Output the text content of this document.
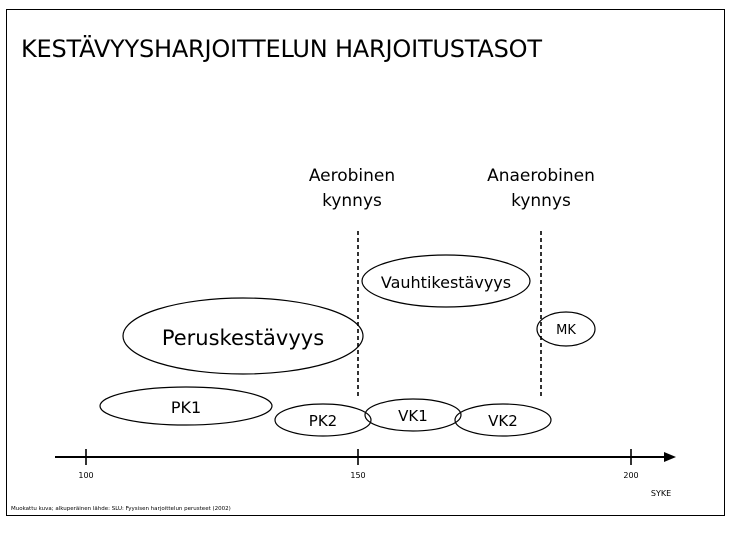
KESTÄVYYSHARJOITTELUN HARJOITUSTASOT
Aerobinen
kynnys
Anaerobinen
kynnys
Peruskestävyys
Vauhtikestävyys
MK
PK1
PK2	VK1	VK2
100	150	200
SYKE
Muokattu kuva; alkuperäinen lähde: SLU: Fyysisen harjoittelun perusteet (2002)
